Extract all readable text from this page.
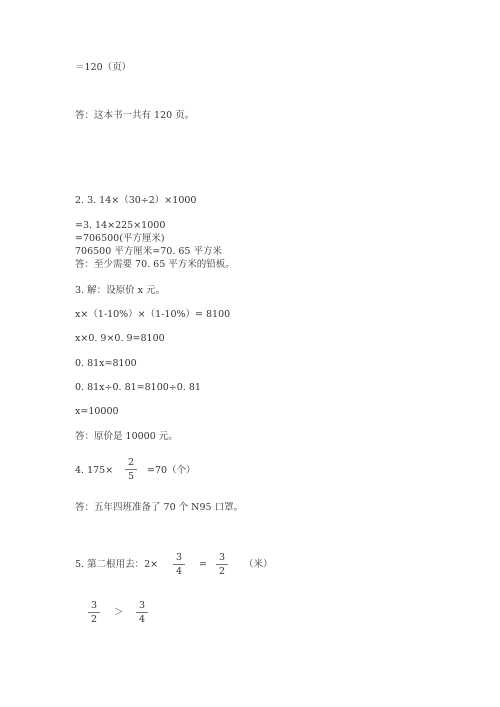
＝120（页）
答：这本书一共有 120 页。
2. 3. 14×（30÷2）×1000
=3. 14×225×1000
=706500(平方厘米)
706500 平方厘米=70. 65 平方米
答：至少需要 70. 65 平方米的铅板。
3. 解：设原价 x 元。
x×（1-10%）×（1-10%）= 8100
x×0. 9×0. 9=8100
0. 81x=8100
0. 81x÷0. 81=8100÷0. 81
x=10000
答：原价是 10000 元。
4. 175×
2
5
=70（个）
答：五年四班准备了 70 个 N95 口罩。
5. 第二根用去：2×
3
4
=
3
2
（米）
3
2
＞
3
4
